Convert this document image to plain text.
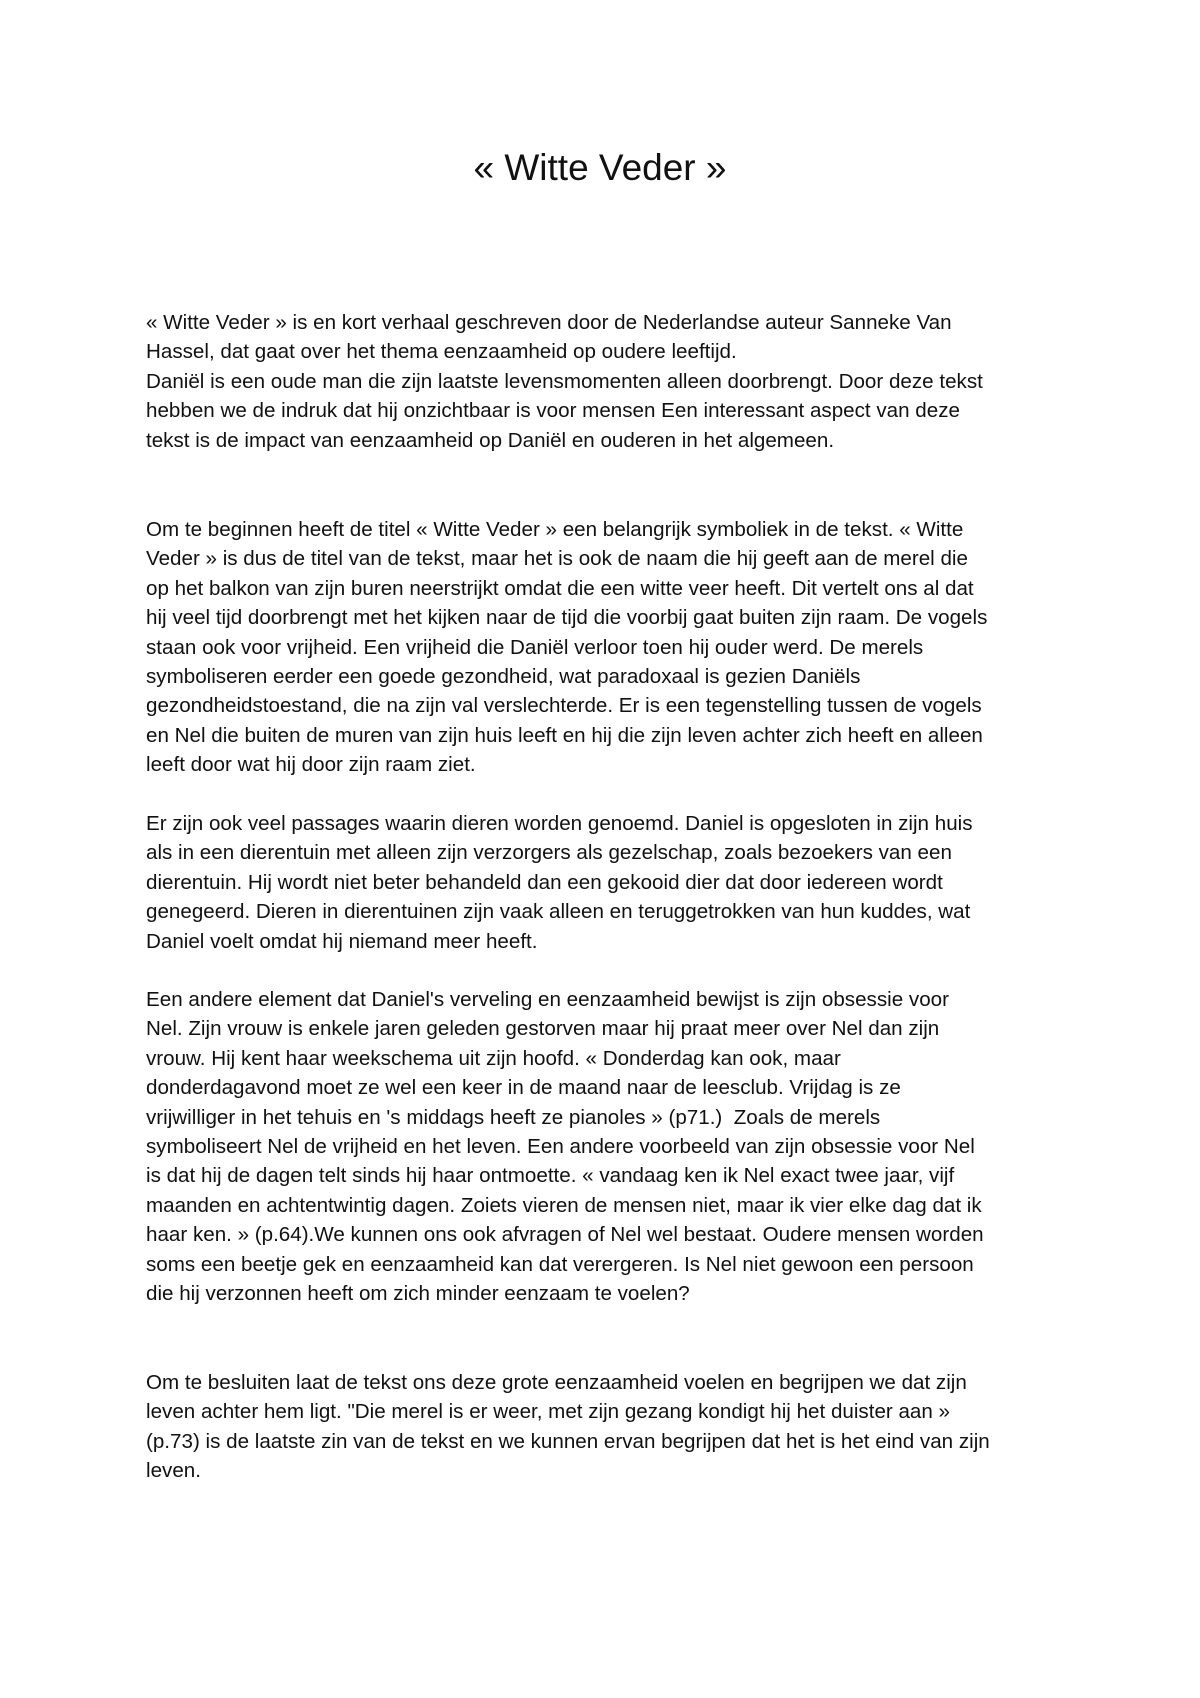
« Witte Veder »

« Witte Veder » is en kort verhaal geschreven door de Nederlandse auteur Sanneke Van
Hassel, dat gaat over het thema eenzaamheid op oudere leeftijd.
Daniël is een oude man die zijn laatste levensmomenten alleen doorbrengt. Door deze tekst
hebben we de indruk dat hij onzichtbaar is voor mensen Een interessant aspect van deze
tekst is de impact van eenzaamheid op Daniël en ouderen in het algemeen.

Om te beginnen heeft de titel « Witte Veder » een belangrijk symboliek in de tekst. « Witte
Veder » is dus de titel van de tekst, maar het is ook de naam die hij geeft aan de merel die
op het balkon van zijn buren neerstrijkt omdat die een witte veer heeft. Dit vertelt ons al dat
hij veel tijd doorbrengt met het kijken naar de tijd die voorbij gaat buiten zijn raam. De vogels
staan ook voor vrijheid. Een vrijheid die Daniël verloor toen hij ouder werd. De merels
symboliseren eerder een goede gezondheid, wat paradoxaal is gezien Daniëls
gezondheidstoestand, die na zijn val verslechterde. Er is een tegenstelling tussen de vogels
en Nel die buiten de muren van zijn huis leeft en hij die zijn leven achter zich heeft en alleen
leeft door wat hij door zijn raam ziet.

Er zijn ook veel passages waarin dieren worden genoemd. Daniel is opgesloten in zijn huis
als in een dierentuin met alleen zijn verzorgers als gezelschap, zoals bezoekers van een
dierentuin. Hij wordt niet beter behandeld dan een gekooid dier dat door iedereen wordt
genegeerd. Dieren in dierentuinen zijn vaak alleen en teruggetrokken van hun kuddes, wat
Daniel voelt omdat hij niemand meer heeft.

Een andere element dat Daniel's verveling en eenzaamheid bewijst is zijn obsessie voor
Nel. Zijn vrouw is enkele jaren geleden gestorven maar hij praat meer over Nel dan zijn
vrouw. Hij kent haar weekschema uit zijn hoofd. « Donderdag kan ook, maar
donderdagavond moet ze wel een keer in de maand naar de leesclub. Vrijdag is ze
vrijwilliger in het tehuis en 's middags heeft ze pianoles » (p71.)  Zoals de merels
symboliseert Nel de vrijheid en het leven. Een andere voorbeeld van zijn obsessie voor Nel
is dat hij de dagen telt sinds hij haar ontmoette. « vandaag ken ik Nel exact twee jaar, vijf
maanden en achtentwintig dagen. Zoiets vieren de mensen niet, maar ik vier elke dag dat ik
haar ken. » (p.64).We kunnen ons ook afvragen of Nel wel bestaat. Oudere mensen worden
soms een beetje gek en eenzaamheid kan dat verergeren. Is Nel niet gewoon een persoon
die hij verzonnen heeft om zich minder eenzaam te voelen?

Om te besluiten laat de tekst ons deze grote eenzaamheid voelen en begrijpen we dat zijn
leven achter hem ligt. "Die merel is er weer, met zijn gezang kondigt hij het duister aan »
(p.73) is de laatste zin van de tekst en we kunnen ervan begrijpen dat het is het eind van zijn
leven.
